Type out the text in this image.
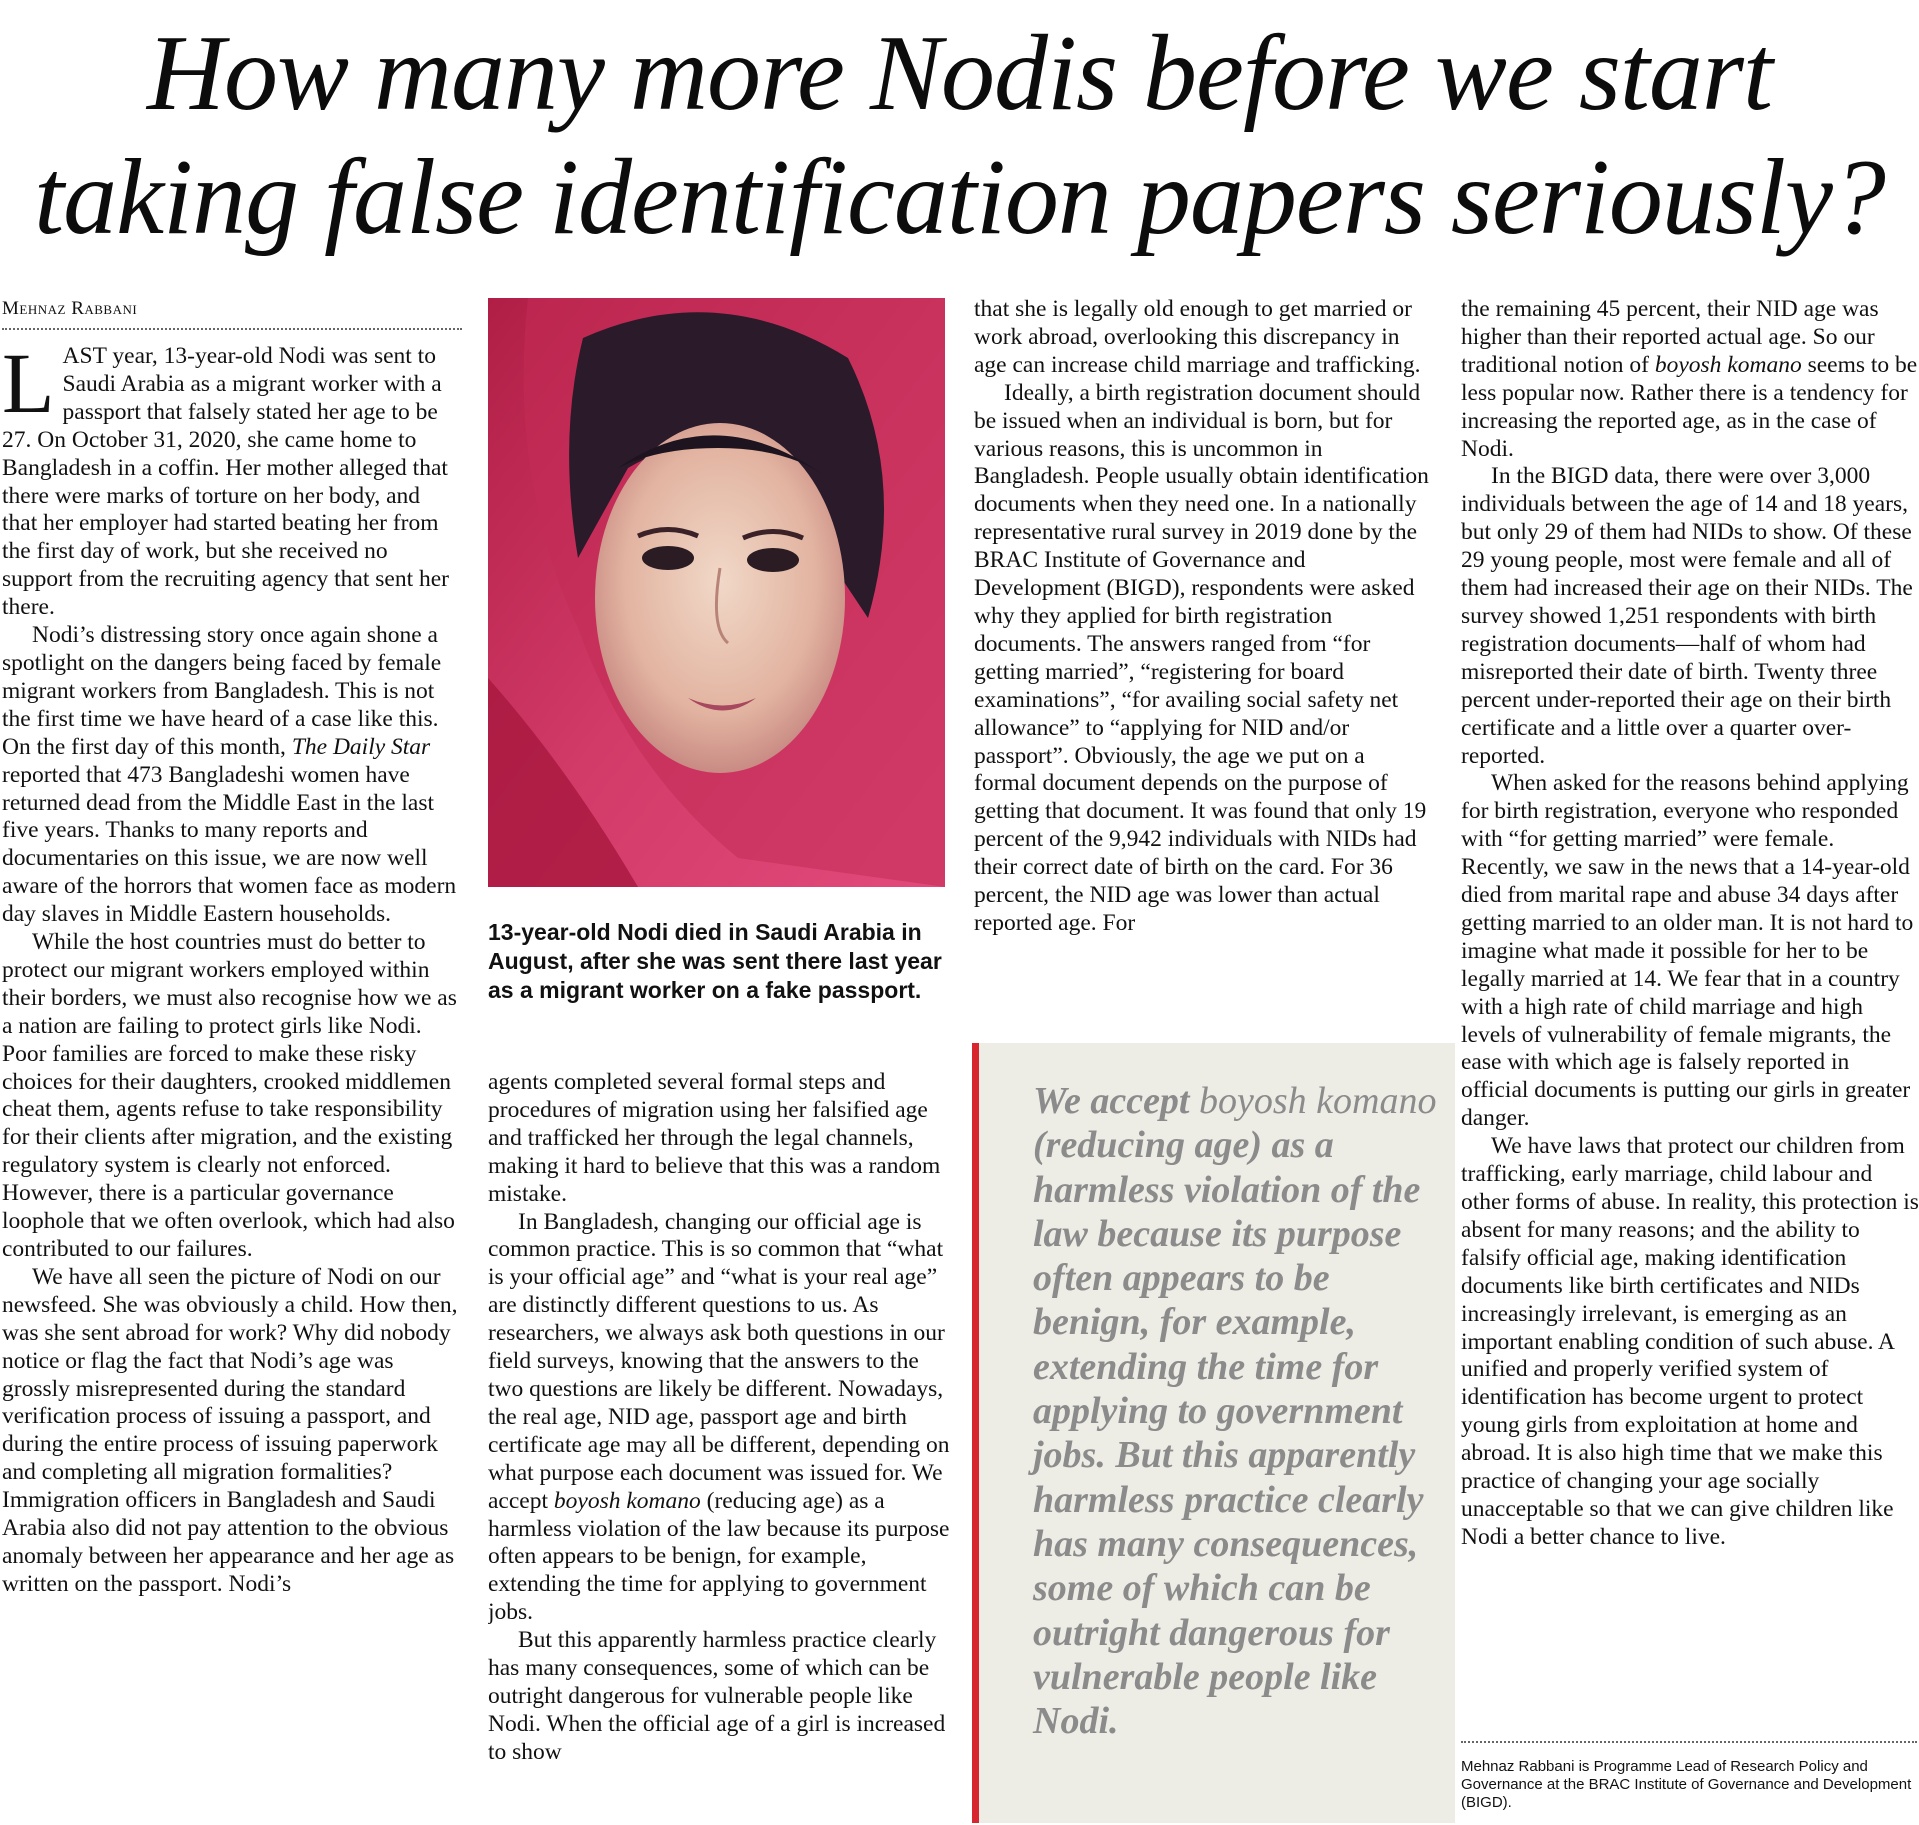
How many more Nodis before we start
taking false identification papers seriously?
Mehnaz Rabbani

LAST year, 13-year-old Nodi was sent to Saudi Arabia as a migrant worker with a passport that falsely stated her age to be 27. On October 31, 2020, she came home to Bangladesh in a coffin. Her mother alleged that there were marks of torture on her body, and that her employer had started beating her from the first day of work, but she received no support from the recruiting agency that sent her there.

Nodi’s distressing story once again shone a spotlight on the dangers being faced by female migrant workers from Bangladesh. This is not the first time we have heard of a case like this. On the first day of this month, The Daily Star reported that 473 Bangladeshi women have returned dead from the Middle East in the last five years. Thanks to many reports and documentaries on this issue, we are now well aware of the horrors that women face as modern day slaves in Middle Eastern households.

While the host countries must do better to protect our migrant workers employed within their borders, we must also recognise how we as a nation are failing to protect girls like Nodi. Poor families are forced to make these risky choices for their daughters, crooked middlemen cheat them, agents refuse to take responsibility for their clients after migration, and the existing regulatory system is clearly not enforced. However, there is a particular governance loophole that we often overlook, which had also contributed to our failures.

We have all seen the picture of Nodi on our newsfeed. She was obviously a child. How then, was she sent abroad for work? Why did nobody notice or flag the fact that Nodi’s age was grossly misrepresented during the standard verification process of issuing a passport, and during the entire process of issuing paperwork and completing all migration formalities? Immigration officers in Bangladesh and Saudi Arabia also did not pay attention to the obvious anomaly between her appearance and her age as written on the passport. Nodi’s

13-year-old Nodi died in Saudi Arabia in August, after she was sent there last year as a migrant worker on a fake passport.

agents completed several formal steps and procedures of migration using her falsified age and trafficked her through the legal channels, making it hard to believe that this was a random mistake.

In Bangladesh, changing our official age is common practice. This is so common that “what is your official age” and “what is your real age” are distinctly different questions to us. As researchers, we always ask both questions in our field surveys, knowing that the answers to the two questions are likely be different. Nowadays, the real age, NID age, passport age and birth certificate age may all be different, depending on what purpose each document was issued for. We accept boyosh komano (reducing age) as a harmless violation of the law because its purpose often appears to be benign, for example, extending the time for applying to government jobs.

But this apparently harmless practice clearly has many consequences, some of which can be outright dangerous for vulnerable people like Nodi. When the official age of a girl is increased to show

that she is legally old enough to get married or work abroad, overlooking this discrepancy in age can increase child marriage and trafficking.

Ideally, a birth registration document should be issued when an individual is born, but for various reasons, this is uncommon in Bangladesh. People usually obtain identification documents when they need one. In a nationally representative rural survey in 2019 done by the BRAC Institute of Governance and Development (BIGD), respondents were asked why they applied for birth registration documents. The answers ranged from “for getting married”, “registering for board examinations”, “for availing social safety net allowance” to “applying for NID and/or passport”. Obviously, the age we put on a formal document depends on the purpose of getting that document. It was found that only 19 percent of the 9,942 individuals with NIDs had their correct date of birth on the card. For 36 percent, the NID age was lower than actual reported age. For

We accept boyosh komano (reducing age) as a harmless violation of the law because its purpose often appears to be benign, for example, extending the time for applying to government jobs. But this apparently harmless practice clearly has many consequences, some of which can be outright dangerous for vulnerable people like Nodi.

the remaining 45 percent, their NID age was higher than their reported actual age. So our traditional notion of boyosh komano seems to be less popular now. Rather there is a tendency for increasing the reported age, as in the case of Nodi.

In the BIGD data, there were over 3,000 individuals between the age of 14 and 18 years, but only 29 of them had NIDs to show. Of these 29 young people, most were female and all of them had increased their age on their NIDs. The survey showed 1,251 respondents with birth registration documents—half of whom had misreported their date of birth. Twenty three percent under-reported their age on their birth certificate and a little over a quarter over-reported.

When asked for the reasons behind applying for birth registration, everyone who responded with “for getting married” were female. Recently, we saw in the news that a 14-year-old died from marital rape and abuse 34 days after getting married to an older man. It is not hard to imagine what made it possible for her to be legally married at 14. We fear that in a country with a high rate of child marriage and high levels of vulnerability of female migrants, the ease with which age is falsely reported in official documents is putting our girls in greater danger.

We have laws that protect our children from trafficking, early marriage, child labour and other forms of abuse. In reality, this protection is absent for many reasons; and the ability to falsify official age, making identification documents like birth certificates and NIDs increasingly irrelevant, is emerging as an important enabling condition of such abuse. A unified and properly verified system of identification has become urgent to protect young girls from exploitation at home and abroad. It is also high time that we make this practice of changing your age socially unacceptable so that we can give children like Nodi a better chance to live.

Mehnaz Rabbani is Programme Lead of Research Policy and Governance at the BRAC Institute of Governance and Development (BIGD).
